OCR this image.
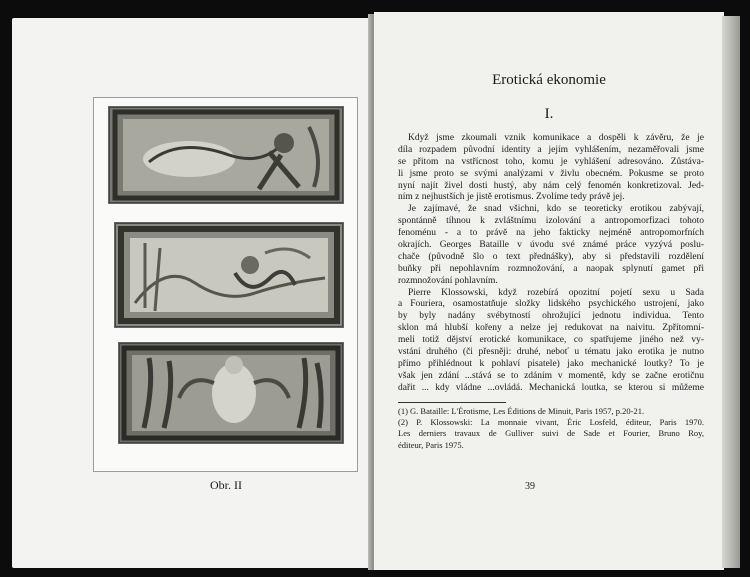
Obr. II
Erotická ekonomie
I.
Když jsme zkoumali vznik komunikace a dospěli k závěru, že je
díla rozpadem původní identity a jejím vyhlášením, nezaměřovali jsme
se přitom na vstřícnost toho, komu je vyhlášení adresováno. Zůstáva-
li jsme proto se svými analýzami v živlu obecném. Pokusme se proto
nyní najít živel dosti hustý, aby nám celý fenomén konkretizoval. Jed-
ním z nejhustších je jistě erotismus. Zvolíme tedy právě jej.
Je zajímavé, že snad všichni, kdo se teoreticky erotikou zabývají,
spontánně tíhnou k zvláštnímu izolování a antropomorfizaci tohoto
fenoménu - a to právě na jeho fakticky nejméně antropomorfních
okrajích. Georges Bataille v úvodu své známé práce vyzývá poslu-
chače (původně šlo o text přednášky), aby si představili rozdělení
buňky při nepohlavním rozmnožování, a naopak splynutí gamet při
rozmnožování pohlavním.
Pierre Klossowski, když rozebírá opozitní pojetí sexu u Sada
a Fouriera, osamostatňuje složky lidského psychického ustrojení, jako
by byly nadány svébytností ohrožující jednotu individua. Tento
sklon má hlubší kořeny a nelze jej redukovat na naivitu. Zpřítomní-
meli totiž dějství erotické komunikace, co spatřujeme jiného než vy-
vstání druhého (či přesněji: druhé, neboť u tématu jako erotika je nutno
přímo přihlédnout k pohlaví pisatele) jako mechanické loutky? To je
však jen zdání ...stává se to zdáním v momentě, kdy se začne erotičnu
dařit ... kdy vládne ...ovládá. Mechanická loutka, se kterou si můžeme
(1) G. Bataille: L'Érotisme, Les Éditions de Minuit, Paris 1957, p.20-21.
(2) P. Klossowski: La monnaie vivant, Éric Losfeld, éditeur, Paris 1970.
Les derniers travaux de Gulliver suivi de Sade et Fourier, Bruno Roy,
éditeur, Paris 1975.
39
